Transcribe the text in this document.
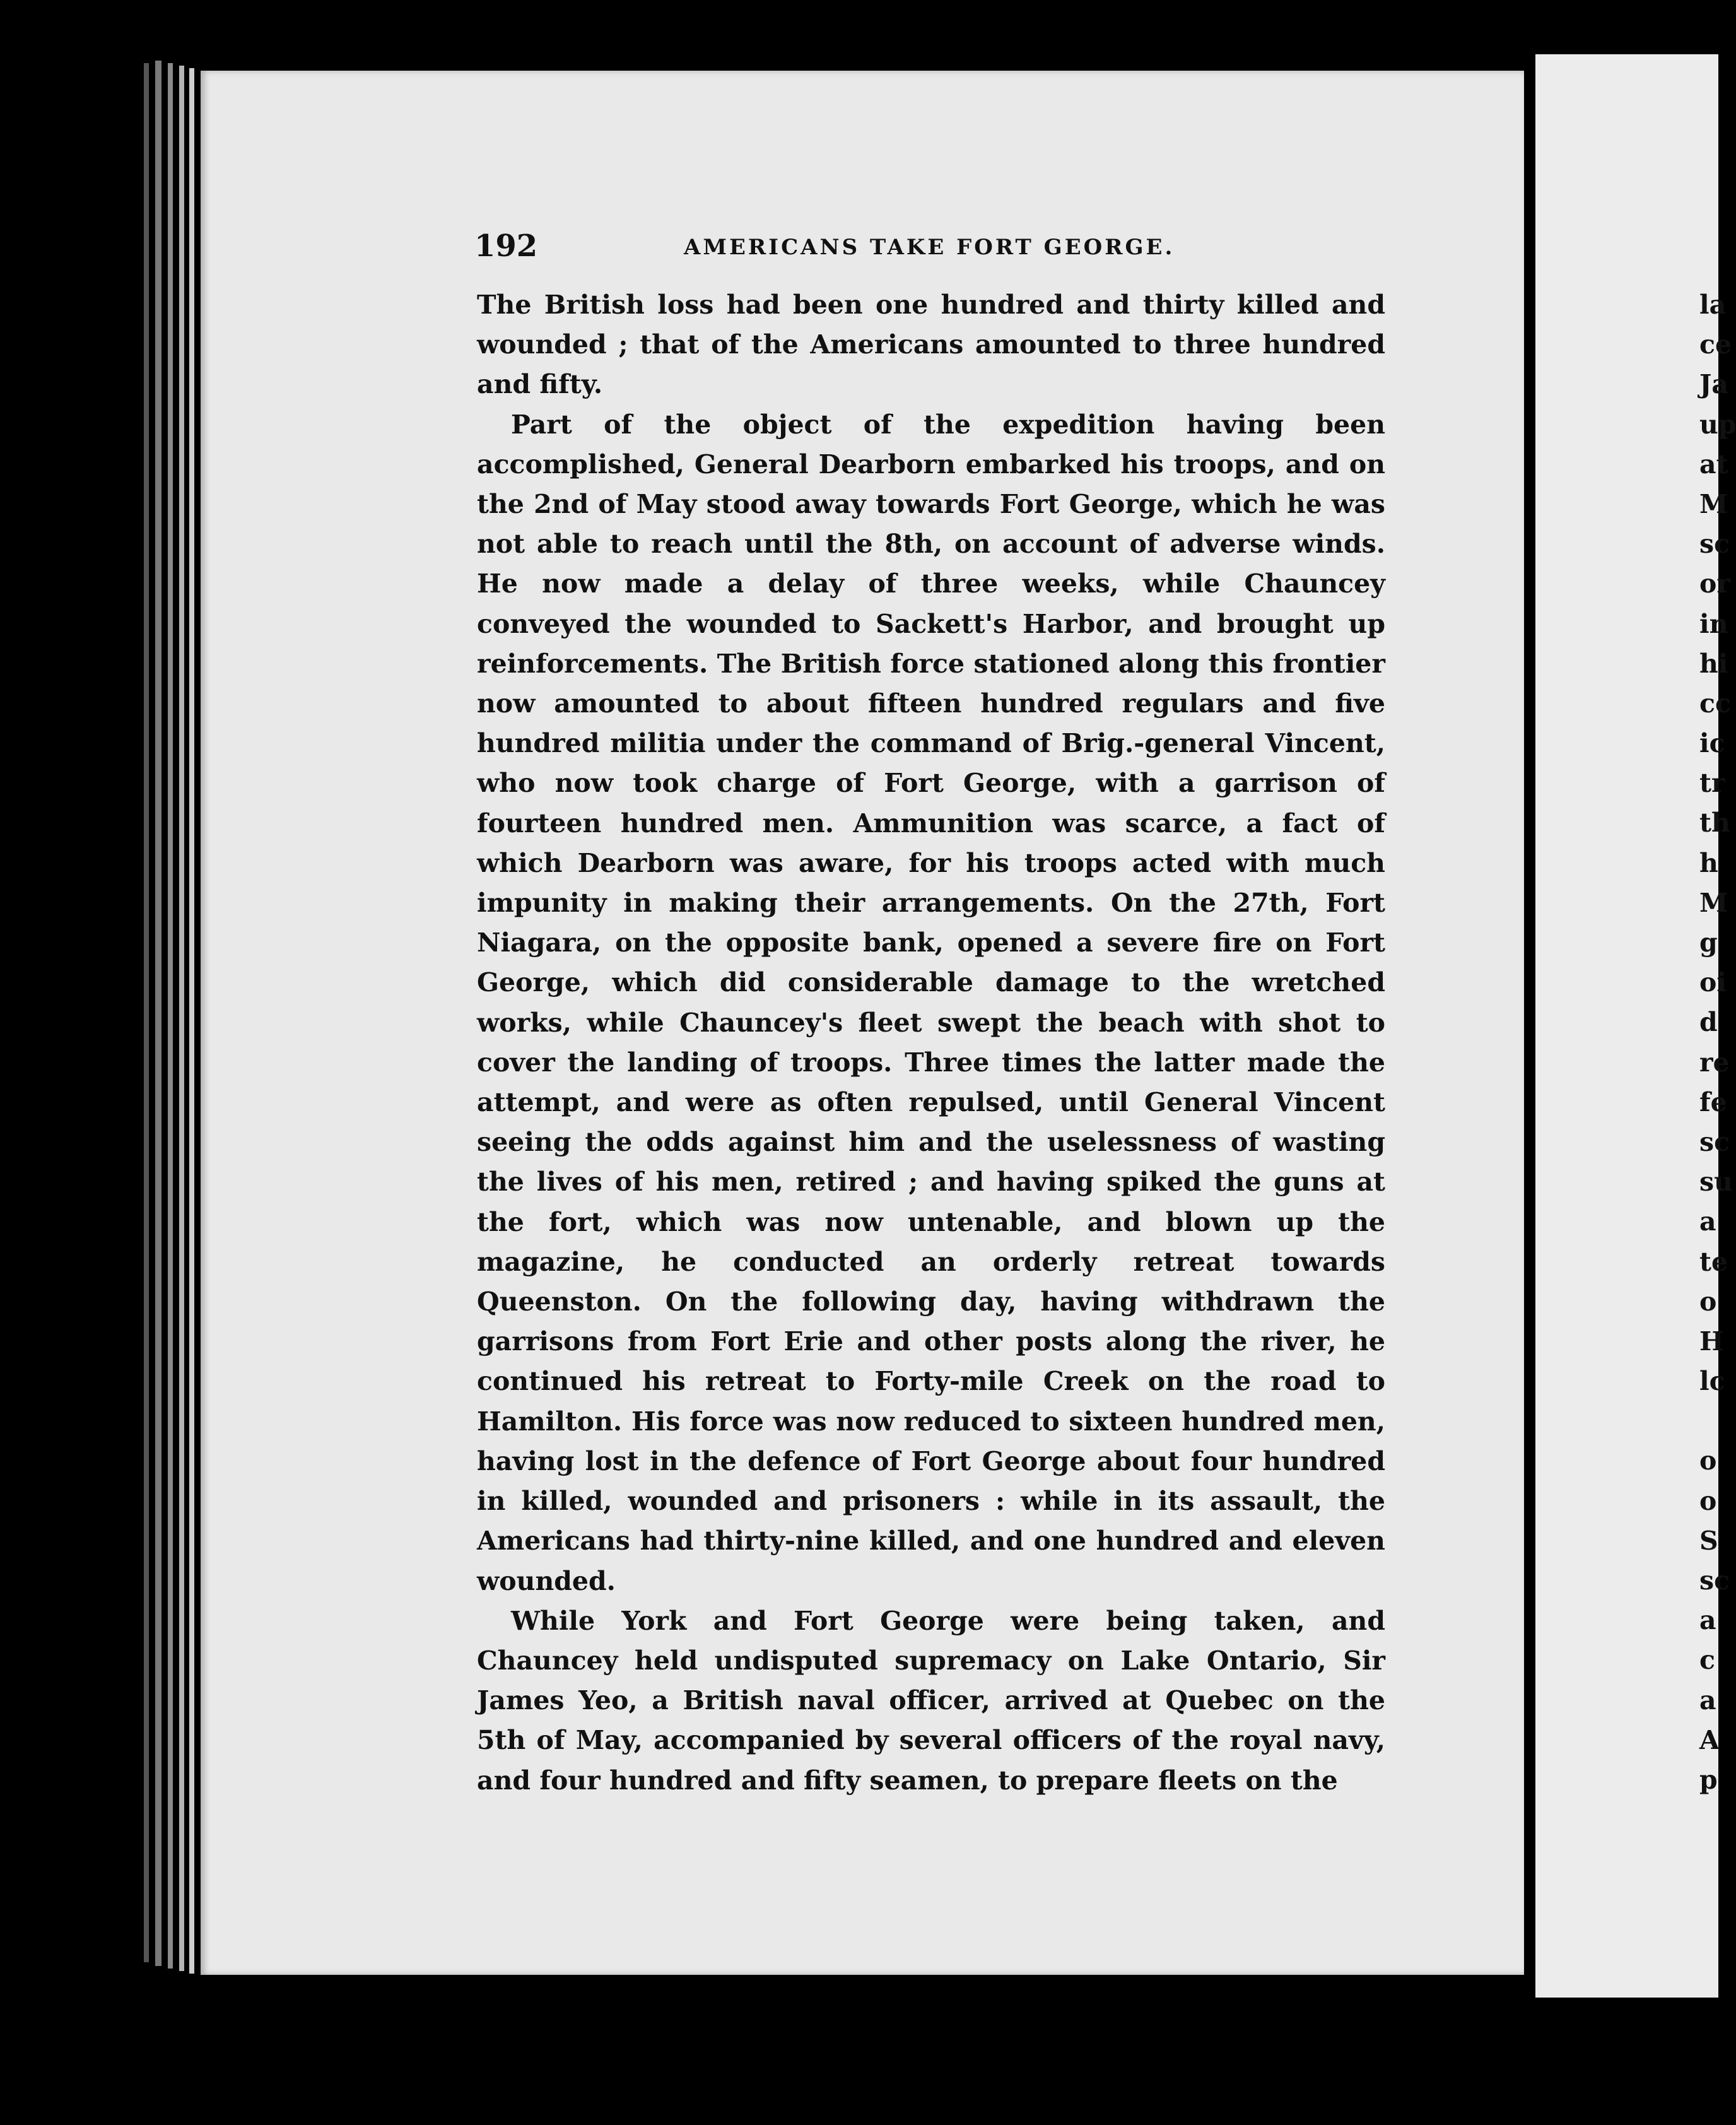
192	AMERICANS TAKE FORT GEORGE.

The British loss had been one hundred and thirty killed and wounded ; that of the Americans amounted to three hundred and fifty.

Part of the object of the expedition having been accomplished, General Dearborn embarked his troops, and on the 2nd of May stood away towards Fort George, which he was not able to reach until the 8th, on account of adverse winds. He now made a delay of three weeks, while Chauncey conveyed the wounded to Sackett's Harbor, and brought up reinforcements. The British force stationed along this frontier now amounted to about fifteen hundred regulars and five hundred militia under the command of Brig.-general Vincent, who now took charge of Fort George, with a garrison of fourteen hundred men. Ammunition was scarce, a fact of which Dearborn was aware, for his troops acted with much impunity in making their arrangements. On the 27th, Fort Niagara, on the opposite bank, opened a severe fire on Fort George, which did considerable damage to the wretched works, while Chauncey's fleet swept the beach with shot to cover the landing of troops. Three times the latter made the attempt, and were as often repulsed, until General Vincent seeing the odds against him and the uselessness of wasting the lives of his men, retired ; and having spiked the guns at the fort, which was now untenable, and blown up the magazine, he conducted an orderly retreat towards Queenston. On the following day, having withdrawn the garrisons from Fort Erie and other posts along the river, he continued his retreat to Forty-mile Creek on the road to Hamilton. His force was now reduced to sixteen hundred men, having lost in the defence of Fort George about four hundred in killed, wounded and prisoners : while in its assault, the Americans had thirty-nine killed, and one hundred and eleven wounded.

While York and Fort George were being taken, and Chauncey held undisputed supremacy on Lake Ontario, Sir James Yeo, a British naval officer, arrived at Quebec on the 5th of May, accompanied by several officers of the royal navy, and four hundred and fifty seamen, to prepare fleets on the

la
ce
Ja
up
at
M
sc
or
in
hi
cc
ic
tr
th
h
M
g
oi
d
re
fe
sc
su
a
te
o
H
lc
o
o
S
sc
a
c
a
A
p
